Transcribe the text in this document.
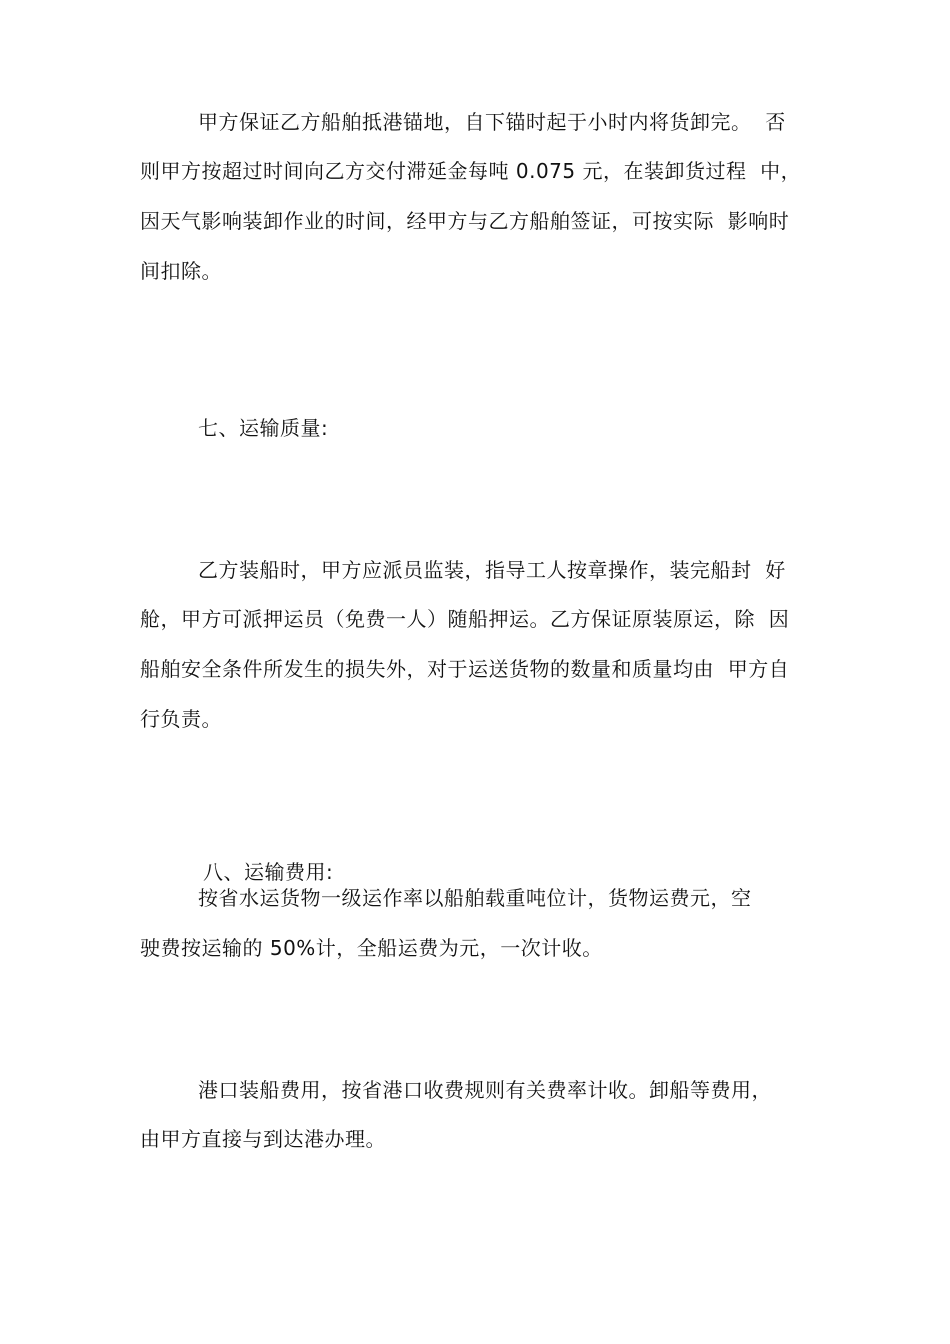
甲方保证乙方船舶抵港锚地，自下锚时起于小时内将货卸完。  否
则甲方按超过时间向乙方交付滞延金每吨 0.075 元，在装卸货过程  中，
因天气影响装卸作业的时间，经甲方与乙方船舶签证，可按实际  影响时
间扣除。
七、运输质量:
乙方装船时，甲方应派员监装，指导工人按章操作，装完船封  好
舱，甲方可派押运员（免费一人）随船押运。乙方保证原装原运，除  因
船舶安全条件所发生的损失外，对于运送货物的数量和质量均由  甲方自
行负责。
八、运输费用:
按省水运货物一级运作率以船舶载重吨位计，货物运费元，空
驶费按运输的 50%计，全船运费为元，一次计收。
港口装船费用，按省港口收费规则有关费率计收。卸船等费用，
由甲方直接与到达港办理。
